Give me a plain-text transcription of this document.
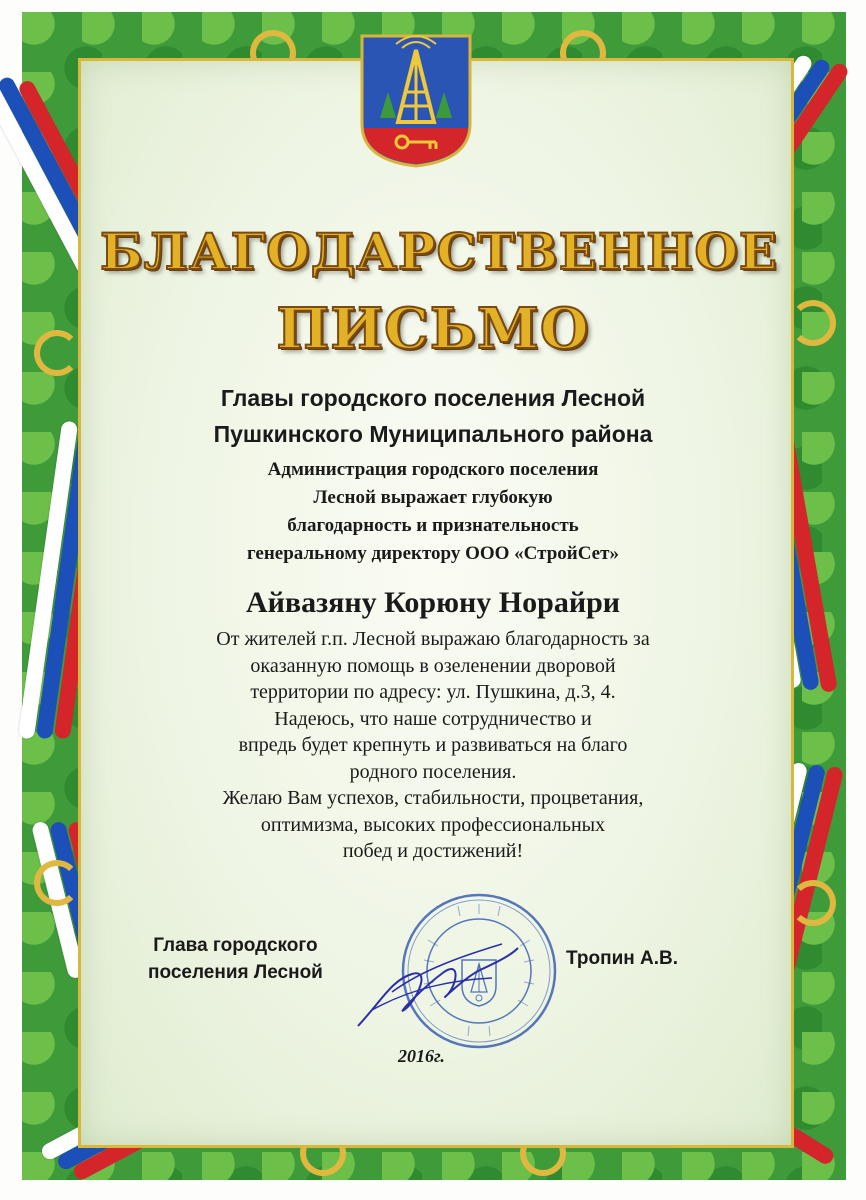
БЛАГОДАРСТВЕННОЕ
ПИСЬМО
Главы городского поселения Лесной
Пушкинского Муниципального района
Администрация городского поселения
Лесной выражает глубокую
благодарность и признательность
генеральному директору ООО «СтройСет»
Айвазяну Корюну Норайри
От жителей г.п. Лесной выражаю благодарность за
оказанную помощь в озеленении дворовой
территории по адресу: ул. Пушкина, д.3, 4.
Надеюсь, что наше сотрудничество и
впредь будет крепнуть и развиваться на благо
родного поселения.
Желаю Вам успехов, стабильности, процветания,
оптимизма, высоких профессиональных
побед и достижений!
Глава городского
поселения Лесной
Тропин А.В.
2016г.
